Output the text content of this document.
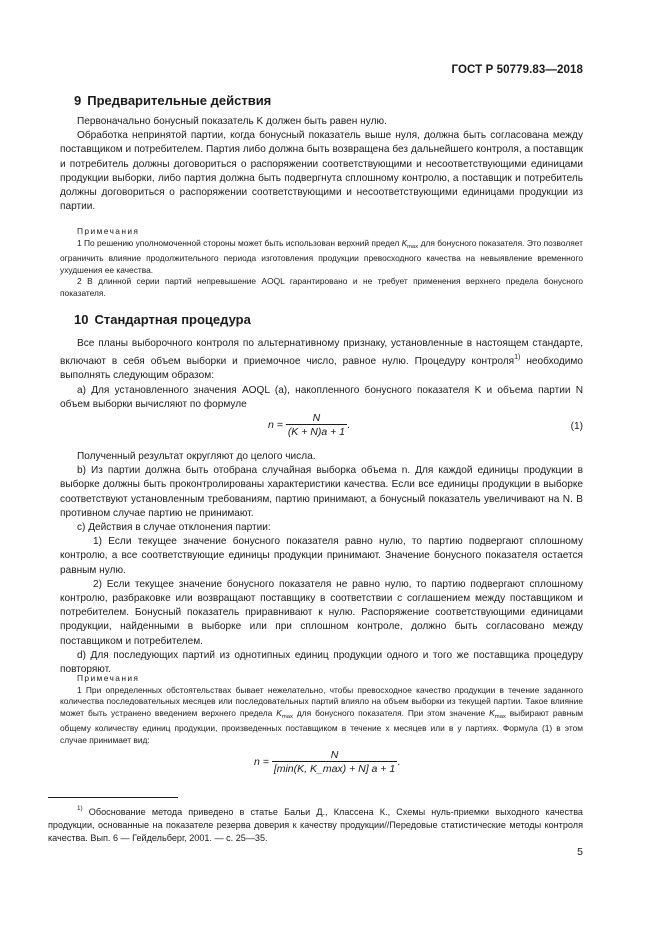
ГОСТ Р 50779.83—2018
9 Предварительные действия

Первоначально бонусный показатель K должен быть равен нулю.

Обработка непринятой партии, когда бонусный показатель выше нуля, должна быть согласована между поставщиком и потребителем. Партия либо должна быть возвращена без дальнейшего контроля, а поставщик и потребитель должны договориться о распоряжении соответствующими и несоответствующими единицами продукции выборки, либо партия должна быть подвергнута сплошному контролю, а поставщик и потребитель должны договориться о распоряжении соответствующими и несоответствующими единицами продукции из партии.

Примечания

1 По решению уполномоченной стороны может быть использован верхний предел $K_{max}$ для бонусного показателя. Это позволяет ограничить влияние продолжительного периода изготовления продукции превосходного качества на невыявление временного ухудшения ее качества.

2 В длинной серии партий непревышение AOQL гарантировано и не требует применения верхнего предела бонусного показателя.

10 Стандартная процедура

Все планы выборочного контроля по альтернативному признаку, установленные в настоящем стандарте, включают в себя объем выборки и приемочное число, равное нулю. Процедуру контроля$^{1)}$ необходимо выполнять следующим образом:

a) Для установленного значения AOQL (a), накопленного бонусного показателя K и объема партии N объем выборки вычисляют по формуле

$n = \frac{N}{(K + N)a + 1}$ .	(1)

Полученный результат округляют до целого числа.

b) Из партии должна быть отобрана случайная выборка объема n. Для каждой единицы продукции в выборке должны быть проконтролированы характеристики качества. Если все единицы продукции в выборке соответствуют установленным требованиям, партию принимают, а бонусный показатель увеличивают на N. В противном случае партию не принимают.

c) Действия в случае отклонения партии:

1) Если текущее значение бонусного показателя равно нулю, то партию подвергают сплошному контролю, а все соответствующие единицы продукции принимают. Значение бонусного показателя остается равным нулю.

2) Если текущее значение бонусного показателя не равно нулю, то партию подвергают сплошному контролю, разбраковке или возвращают поставщику в соответствии с соглашением между поставщиком и потребителем. Бонусный показатель приравнивают к нулю. Распоряжение соответствующими единицами продукции, найденными в выборке или при сплошном контроле, должно быть согласовано между поставщиком и потребителем.

d) Для последующих партий из однотипных единиц продукции одного и того же поставщика процедуру повторяют.

Примечания

1 При определенных обстоятельствах бывает нежелательно, чтобы превосходное качество продукции в течение заданного количества последовательных месяцев или последовательных партий влияло на объем выборки из текущей партии. Такое влияние может быть устранено введением верхнего предела $K_{max}$ для бонусного показателя. При этом значение $K_{max}$ выбирают равным общему количеству единиц продукции, произведенных поставщиком в течение x месяцев или в y партиях. Формула (1) в этом случае принимает вид:

$n = \frac{N}{[\min(K, K\_\max) + N] a + 1}$ .

$^{1)}$ Обоснование метода приведено в статье Бальи Д., Классена К., Схемы нуль-приемки выходного качества продукции, основанные на показателе резерва доверия к качеству продукции//Передовые статистические методы контроля качества. Вып. 6 — Гейдельберг, 2001. — с. 25—35.

5
